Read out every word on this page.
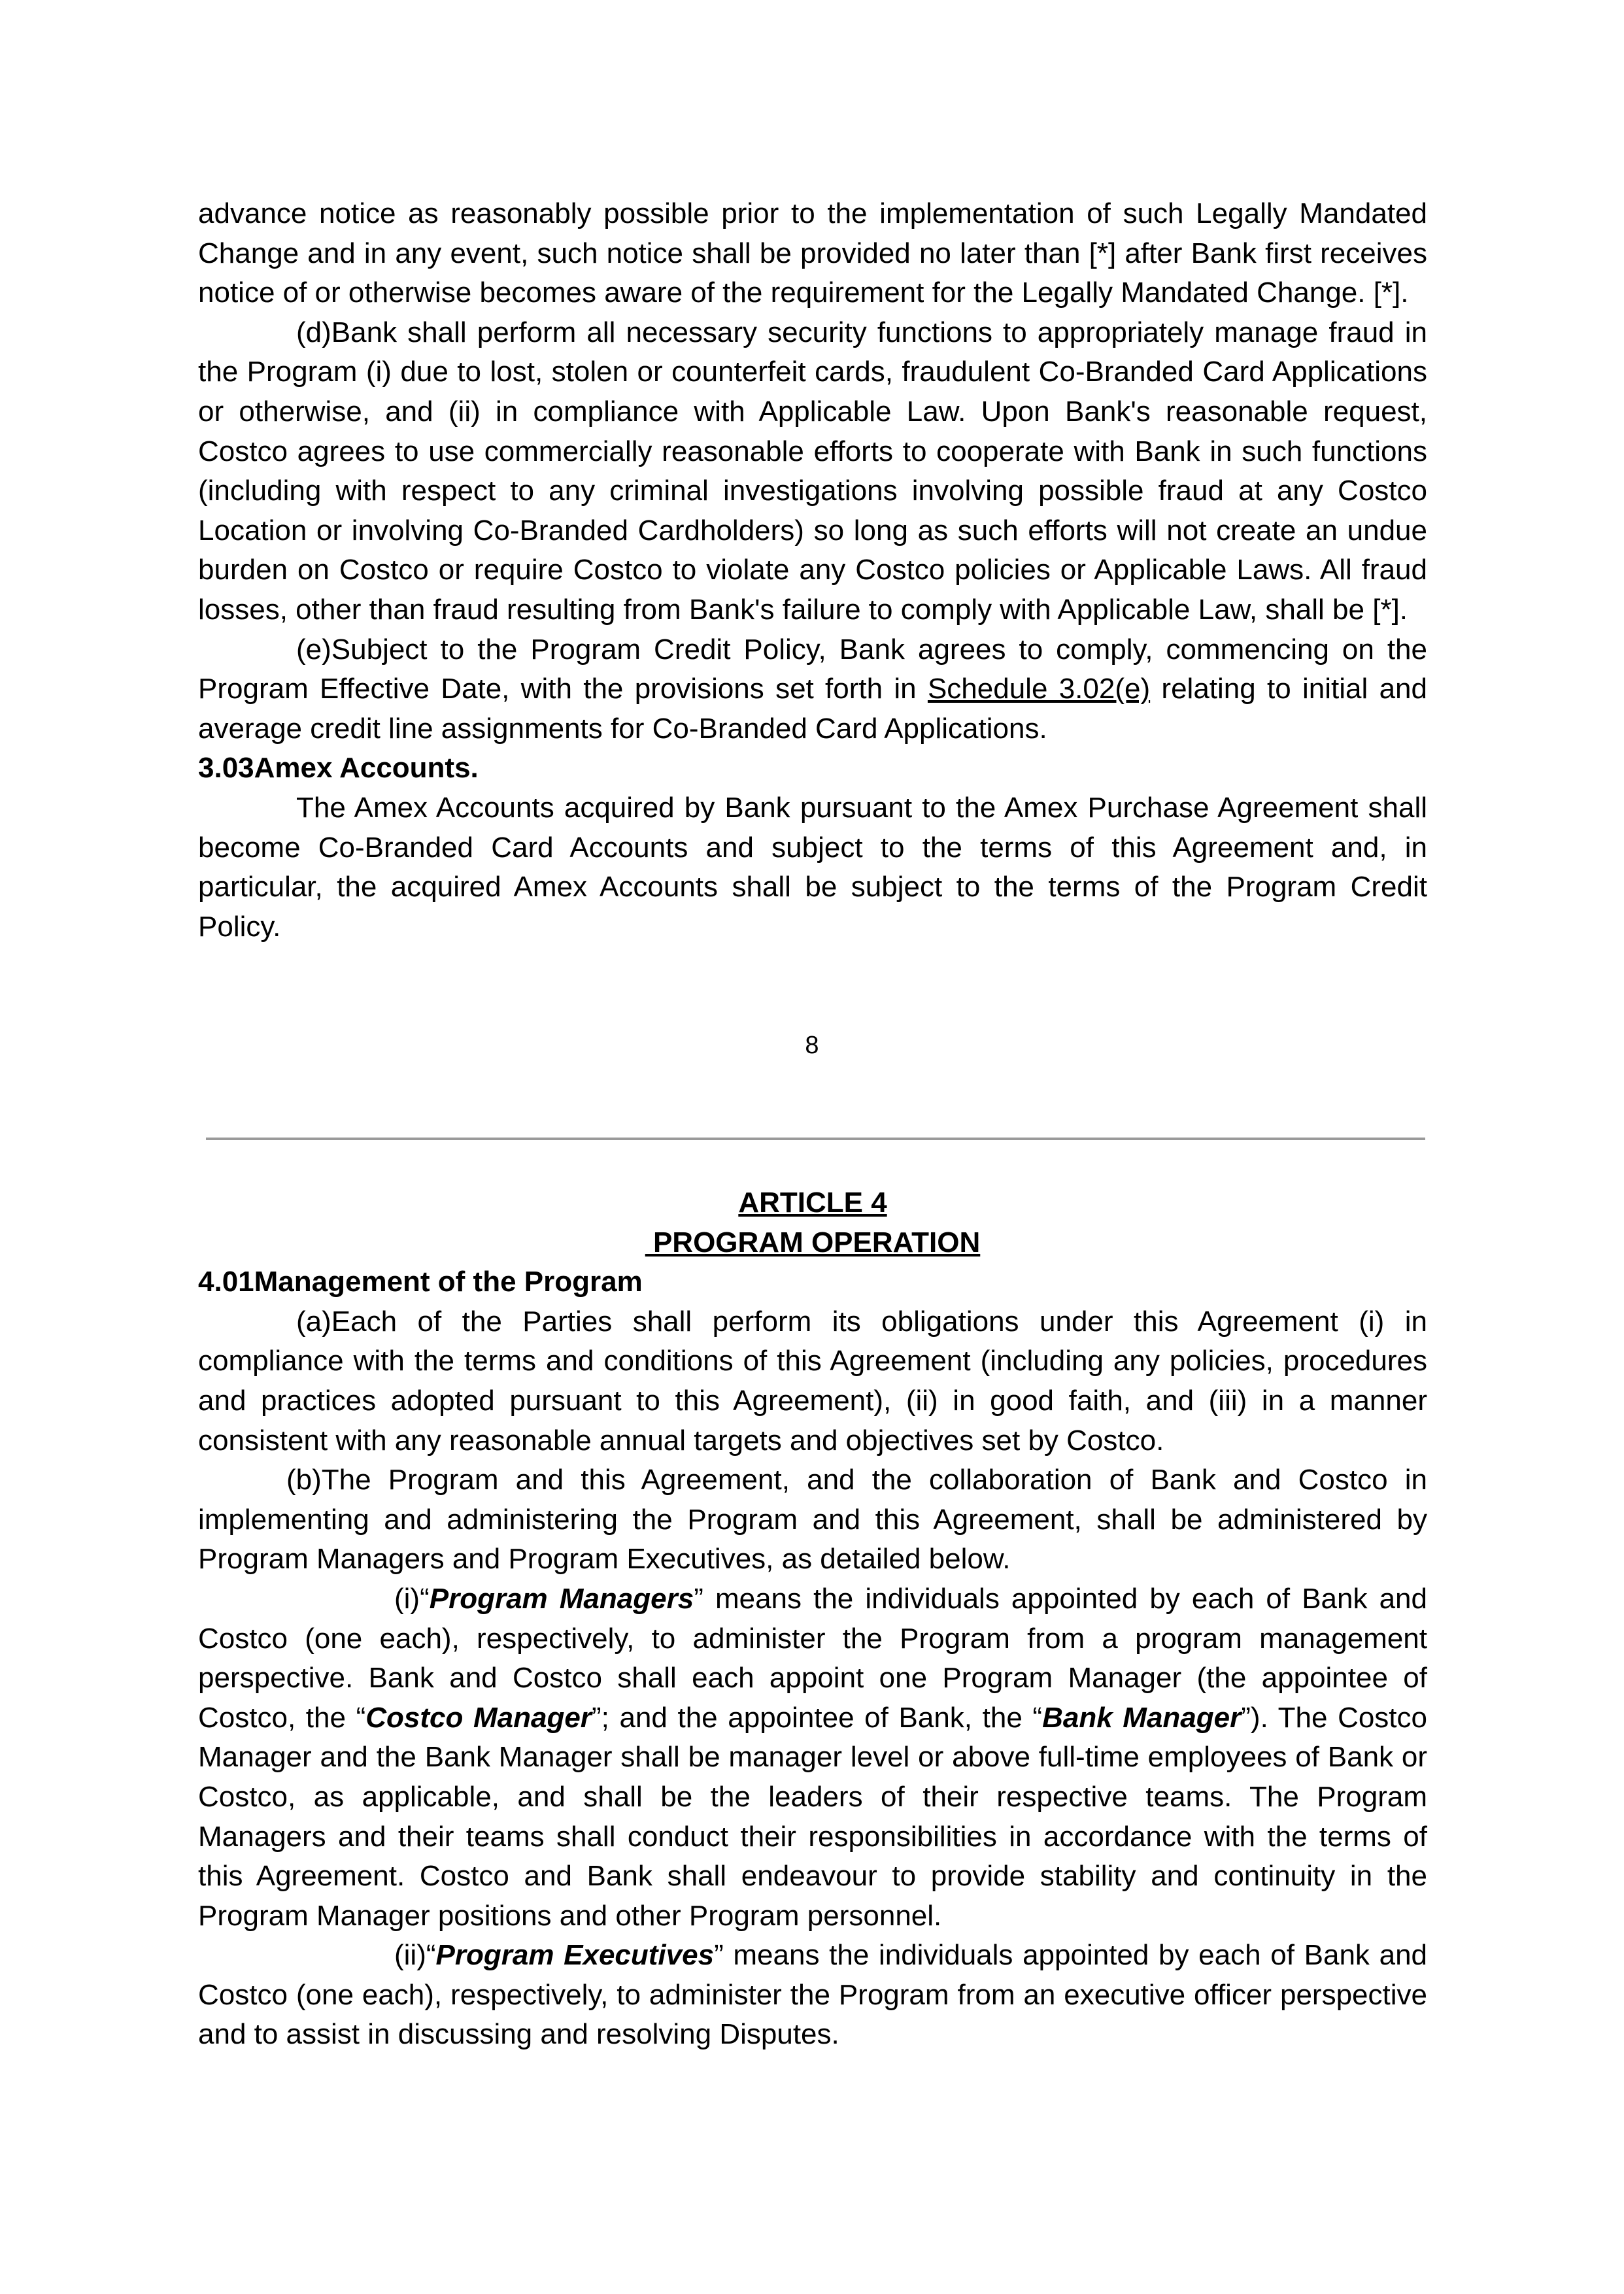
advance notice as reasonably possible prior to the implementation of such Legally Mandated Change and in any event, such notice shall be provided no later than [*] after Bank first receives notice of or otherwise becomes aware of the requirement for the Legally Mandated Change. [*].

(d)Bank shall perform all necessary security functions to appropriately manage fraud in the Program (i) due to lost, stolen or counterfeit cards, fraudulent Co-Branded Card Applications or otherwise, and (ii) in compliance with Applicable Law. Upon Bank's reasonable request, Costco agrees to use commercially reasonable efforts to cooperate with Bank in such functions (including with respect to any criminal investigations involving possible fraud at any Costco Location or involving Co-Branded Cardholders) so long as such efforts will not create an undue burden on Costco or require Costco to violate any Costco policies or Applicable Laws. All fraud losses, other than fraud resulting from Bank's failure to comply with Applicable Law, shall be [*].

(e)Subject to the Program Credit Policy, Bank agrees to comply, commencing on the Program Effective Date, with the provisions set forth in Schedule 3.02(e) relating to initial and average credit line assignments for Co-Branded Card Applications.

3.03Amex Accounts.

The Amex Accounts acquired by Bank pursuant to the Amex Purchase Agreement shall become Co-Branded Card Accounts and subject to the terms of this Agreement and, in particular, the acquired Amex Accounts shall be subject to the terms of the Program Credit Policy.

8

ARTICLE 4

PROGRAM OPERATION

4.01Management of the Program

(a)Each of the Parties shall perform its obligations under this Agreement (i) in compliance with the terms and conditions of this Agreement (including any policies, procedures and practices adopted pursuant to this Agreement), (ii) in good faith, and (iii) in a manner consistent with any reasonable annual targets and objectives set by Costco.

(b)The Program and this Agreement, and the collaboration of Bank and Costco in implementing and administering the Program and this Agreement, shall be administered by Program Managers and Program Executives, as detailed below.

(i)“Program Managers” means the individuals appointed by each of Bank and Costco (one each), respectively, to administer the Program from a program management perspective. Bank and Costco shall each appoint one Program Manager (the appointee of Costco, the “Costco Manager”; and the appointee of Bank, the “Bank Manager”). The Costco Manager and the Bank Manager shall be manager level or above full-time employees of Bank or Costco, as applicable, and shall be the leaders of their respective teams. The Program Managers and their teams shall conduct their responsibilities in accordance with the terms of this Agreement. Costco and Bank shall endeavour to provide stability and continuity in the Program Manager positions and other Program personnel.

(ii)“Program Executives” means the individuals appointed by each of Bank and Costco (one each), respectively, to administer the Program from an executive officer perspective and to assist in discussing and resolving Disputes.
